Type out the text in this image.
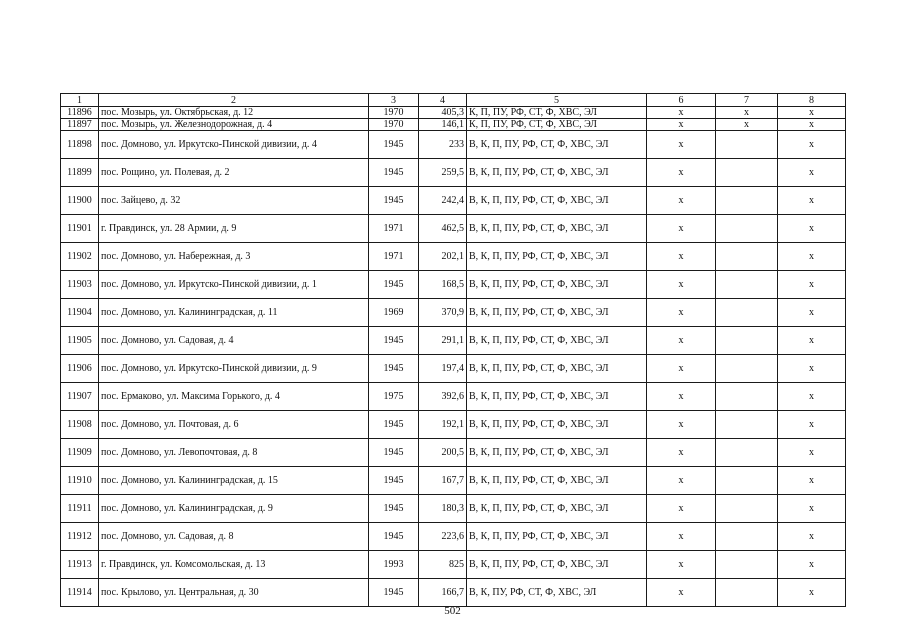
1	2	3	4	5	6	7	8
11896	пос. Мозырь, ул. Октябрьская, д. 12	1970	405,3	К, П, ПУ, РФ, СТ, Ф, ХВС, ЭЛ	х	х	х
11897	пос. Мозырь, ул. Железнодорожная, д. 4	1970	146,1	К, П, ПУ, РФ, СТ, Ф, ХВС, ЭЛ	х	х	х
11898	пос. Домново, ул. Иркутско-Пинской дивизии, д. 4	1945	233	В, К, П, ПУ, РФ, СТ, Ф, ХВС, ЭЛ	х		х
11899	пос. Рощино, ул. Полевая, д. 2	1945	259,5	В, К, П, ПУ, РФ, СТ, Ф, ХВС, ЭЛ	х		х
11900	пос. Зайцево, д. 32	1945	242,4	В, К, П, ПУ, РФ, СТ, Ф, ХВС, ЭЛ	х		х
11901	г. Правдинск, ул. 28 Армии, д. 9	1971	462,5	В, К, П, ПУ, РФ, СТ, Ф, ХВС, ЭЛ	х		х
11902	пос. Домново, ул. Набережная, д. 3	1971	202,1	В, К, П, ПУ, РФ, СТ, Ф, ХВС, ЭЛ	х		х
11903	пос. Домново, ул. Иркутско-Пинской дивизии, д. 1	1945	168,5	В, К, П, ПУ, РФ, СТ, Ф, ХВС, ЭЛ	х		х
11904	пос. Домново, ул. Калининградская, д. 11	1969	370,9	В, К, П, ПУ, РФ, СТ, Ф, ХВС, ЭЛ	х		х
11905	пос. Домново, ул. Садовая, д. 4	1945	291,1	В, К, П, ПУ, РФ, СТ, Ф, ХВС, ЭЛ	х		х
11906	пос. Домново, ул. Иркутско-Пинской дивизии, д. 9	1945	197,4	В, К, П, ПУ, РФ, СТ, Ф, ХВС, ЭЛ	х		х
11907	пос. Ермаково, ул. Максима Горького, д. 4	1975	392,6	В, К, П, ПУ, РФ, СТ, Ф, ХВС, ЭЛ	х		х
11908	пос. Домново, ул. Почтовая, д. 6	1945	192,1	В, К, П, ПУ, РФ, СТ, Ф, ХВС, ЭЛ	х		х
11909	пос. Домново, ул. Левопочтовая, д. 8	1945	200,5	В, К, П, ПУ, РФ, СТ, Ф, ХВС, ЭЛ	х		х
11910	пос. Домново, ул. Калининградская, д. 15	1945	167,7	В, К, П, ПУ, РФ, СТ, Ф, ХВС, ЭЛ	х		х
11911	пос. Домново, ул. Калининградская, д. 9	1945	180,3	В, К, П, ПУ, РФ, СТ, Ф, ХВС, ЭЛ	х		х
11912	пос. Домново, ул. Садовая, д. 8	1945	223,6	В, К, П, ПУ, РФ, СТ, Ф, ХВС, ЭЛ	х		х
11913	г. Правдинск, ул. Комсомольская, д. 13	1993	825	В, К, П, ПУ, РФ, СТ, Ф, ХВС, ЭЛ	х		х
11914	пос. Крылово, ул. Центральная, д. 30	1945	166,7	В, К, ПУ, РФ, СТ, Ф, ХВС, ЭЛ	х		х
502
